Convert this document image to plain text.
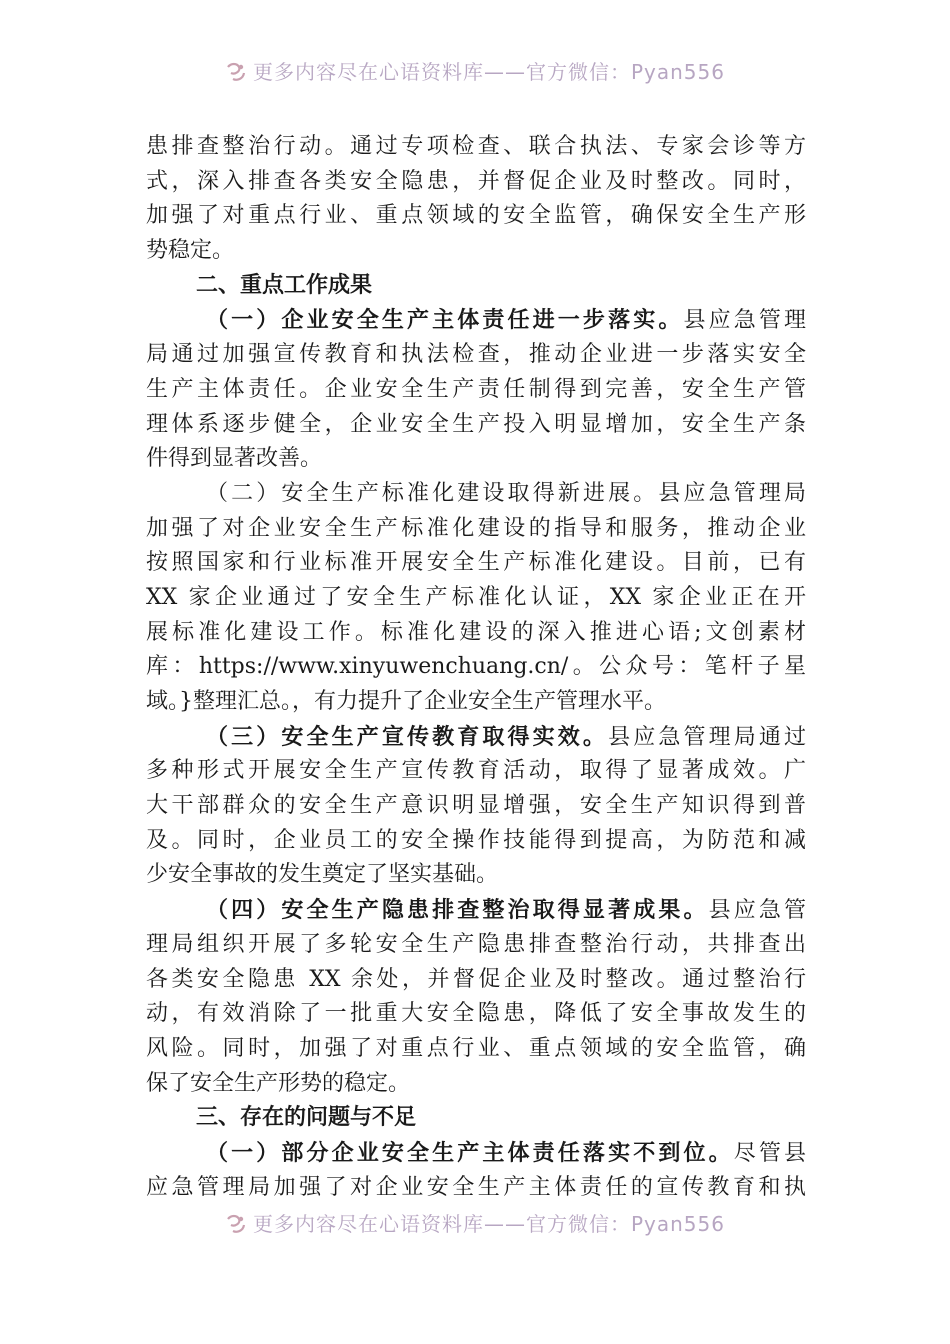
更多内容尽在心语资料库——官方微信：Pyan556
患排查整治行动。通过专项检查、联合执法、专家会诊等方
式，深入排查各类安全隐患，并督促企业及时整改。同时，
加强了对重点行业、重点领域的安全监管，确保安全生产形
势稳定。
二、重点工作成果
（一）企业安全生产主体责任进一步落实。县应急管理
局通过加强宣传教育和执法检查，推动企业进一步落实安全
生产主体责任。企业安全生产责任制得到完善，安全生产管
理体系逐步健全，企业安全生产投入明显增加，安全生产条
件得到显著改善。
（二）安全生产标准化建设取得新进展。县应急管理局
加强了对企业安全生产标准化建设的指导和服务，推动企业
按照国家和行业标准开展安全生产标准化建设。目前，已有
XX 家企业通过了安全生产标准化认证，XX 家企业正在开
展标准化建设工作。标准化建设的深入推进心语;文创素材
库：https://www.xinyuwenchuang.cn/。公众号：笔杆子星
域。}整理汇总。，有力提升了企业安全生产管理水平。
（三）安全生产宣传教育取得实效。县应急管理局通过
多种形式开展安全生产宣传教育活动，取得了显著成效。广
大干部群众的安全生产意识明显增强，安全生产知识得到普
及。同时，企业员工的安全操作技能得到提高，为防范和减
少安全事故的发生奠定了坚实基础。
（四）安全生产隐患排查整治取得显著成果。县应急管
理局组织开展了多轮安全生产隐患排查整治行动，共排查出
各类安全隐患 XX 余处，并督促企业及时整改。通过整治行
动，有效消除了一批重大安全隐患，降低了安全事故发生的
风险。同时，加强了对重点行业、重点领域的安全监管，确
保了安全生产形势的稳定。
三、存在的问题与不足
（一）部分企业安全生产主体责任落实不到位。尽管县
应急管理局加强了对企业安全生产主体责任的宣传教育和执
更多内容尽在心语资料库——官方微信：Pyan556
